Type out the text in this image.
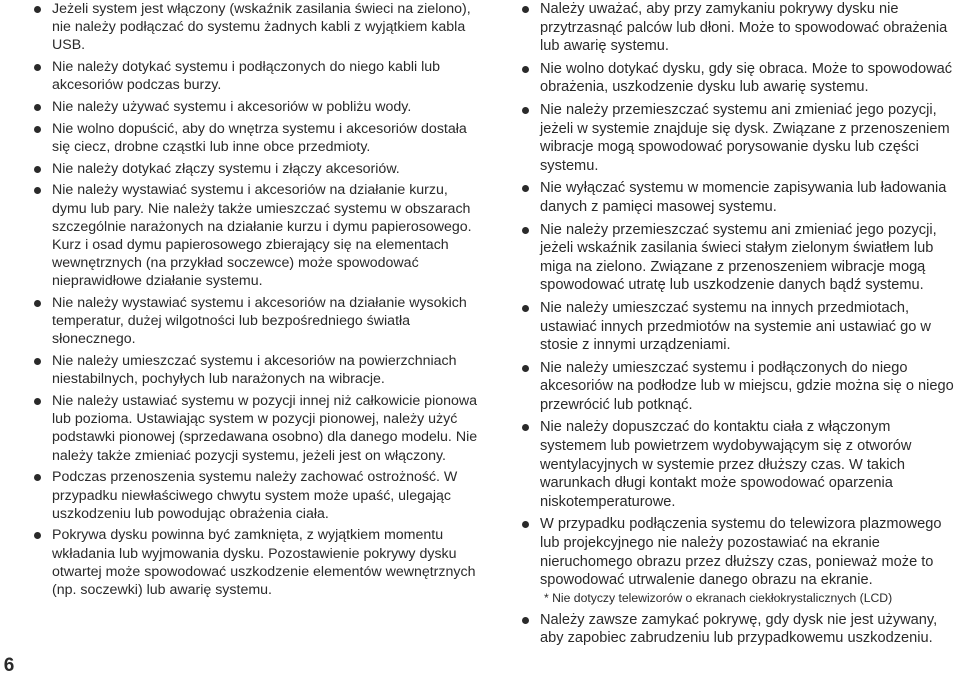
Jeżeli system jest włączony (wskaźnik zasilania świeci na zielono), nie należy podłączać do systemu żadnych kabli z wyjątkiem kabla USB.
Nie należy dotykać systemu i podłączonych do niego kabli lub akcesoriów podczas burzy.
Nie należy używać systemu i akcesoriów w pobliżu wody.
Nie wolno dopuścić, aby do wnętrza systemu i akcesoriów dostała się ciecz, drobne cząstki lub inne obce przedmioty.
Nie należy dotykać złączy systemu i złączy akcesoriów.
Nie należy wystawiać systemu i akcesoriów na działanie kurzu, dymu lub pary. Nie należy także umieszczać systemu w obszarach szczególnie narażonych na działanie kurzu i dymu papierosowego. Kurz i osad dymu papierosowego zbierający się na elementach wewnętrznych (na przykład soczewce) może spowodować nieprawidłowe działanie systemu.
Nie należy wystawiać systemu i akcesoriów na działanie wysokich temperatur, dużej wilgotności lub bezpośredniego światła słonecznego.
Nie należy umieszczać systemu i akcesoriów na powierzchniach niestabilnych, pochyłych lub narażonych na wibracje.
Nie należy ustawiać systemu w pozycji innej niż całkowicie pionowa lub pozioma. Ustawiając system w pozycji pionowej, należy użyć podstawki pionowej (sprzedawana osobno) dla danego modelu. Nie należy także zmieniać pozycji systemu, jeżeli jest on włączony.
Podczas przenoszenia systemu należy zachować ostrożność. W przypadku niewłaściwego chwytu system może upaść, ulegając uszkodzeniu lub powodując obrażenia ciała.
Pokrywa dysku powinna być zamknięta, z wyjątkiem momentu wkładania lub wyjmowania dysku. Pozostawienie pokrywy dysku otwartej może spowodować uszkodzenie elementów wewnętrznych (np. soczewki) lub awarię systemu.
Należy uważać, aby przy zamykaniu pokrywy dysku nie przytrzasnąć palców lub dłoni. Może to spowodować obrażenia lub awarię systemu.
Nie wolno dotykać dysku, gdy się obraca. Może to spowodować obrażenia, uszkodzenie dysku lub awarię systemu.
Nie należy przemieszczać systemu ani zmieniać jego pozycji, jeżeli w systemie znajduje się dysk. Związane z przenoszeniem wibracje mogą spowodować porysowanie dysku lub części systemu.
Nie wyłączać systemu w momencie zapisywania lub ładowania danych z pamięci masowej systemu.
Nie należy przemieszczać systemu ani zmieniać jego pozycji, jeżeli wskaźnik zasilania świeci stałym zielonym światłem lub miga na zielono. Związane z przenoszeniem wibracje mogą spowodować utratę lub uszkodzenie danych bądź systemu.
Nie należy umieszczać systemu na innych przedmiotach, ustawiać innych przedmiotów na systemie ani ustawiać go w stosie z innymi urządzeniami.
Nie należy umieszczać systemu i podłączonych do niego akcesoriów na podłodze lub w miejscu, gdzie można się o niego przewrócić lub potknąć.
Nie należy dopuszczać do kontaktu ciała z włączonym systemem lub powietrzem wydobywającym się z otworów wentylacyjnych w systemie przez dłuższy czas. W takich warunkach długi kontakt może spowodować oparzenia niskotemperaturowe.
W przypadku podłączenia systemu do telewizora plazmowego lub projekcyjnego nie należy pozostawiać na ekranie nieruchomego obrazu przez dłuższy czas, ponieważ może to spowodować utrwalenie danego obrazu na ekranie.
* Nie dotyczy telewizorów o ekranach ciekłokrystalicznych (LCD)
Należy zawsze zamykać pokrywę, gdy dysk nie jest używany, aby zapobiec zabrudzeniu lub przypadkowemu uszkodzeniu.
6
